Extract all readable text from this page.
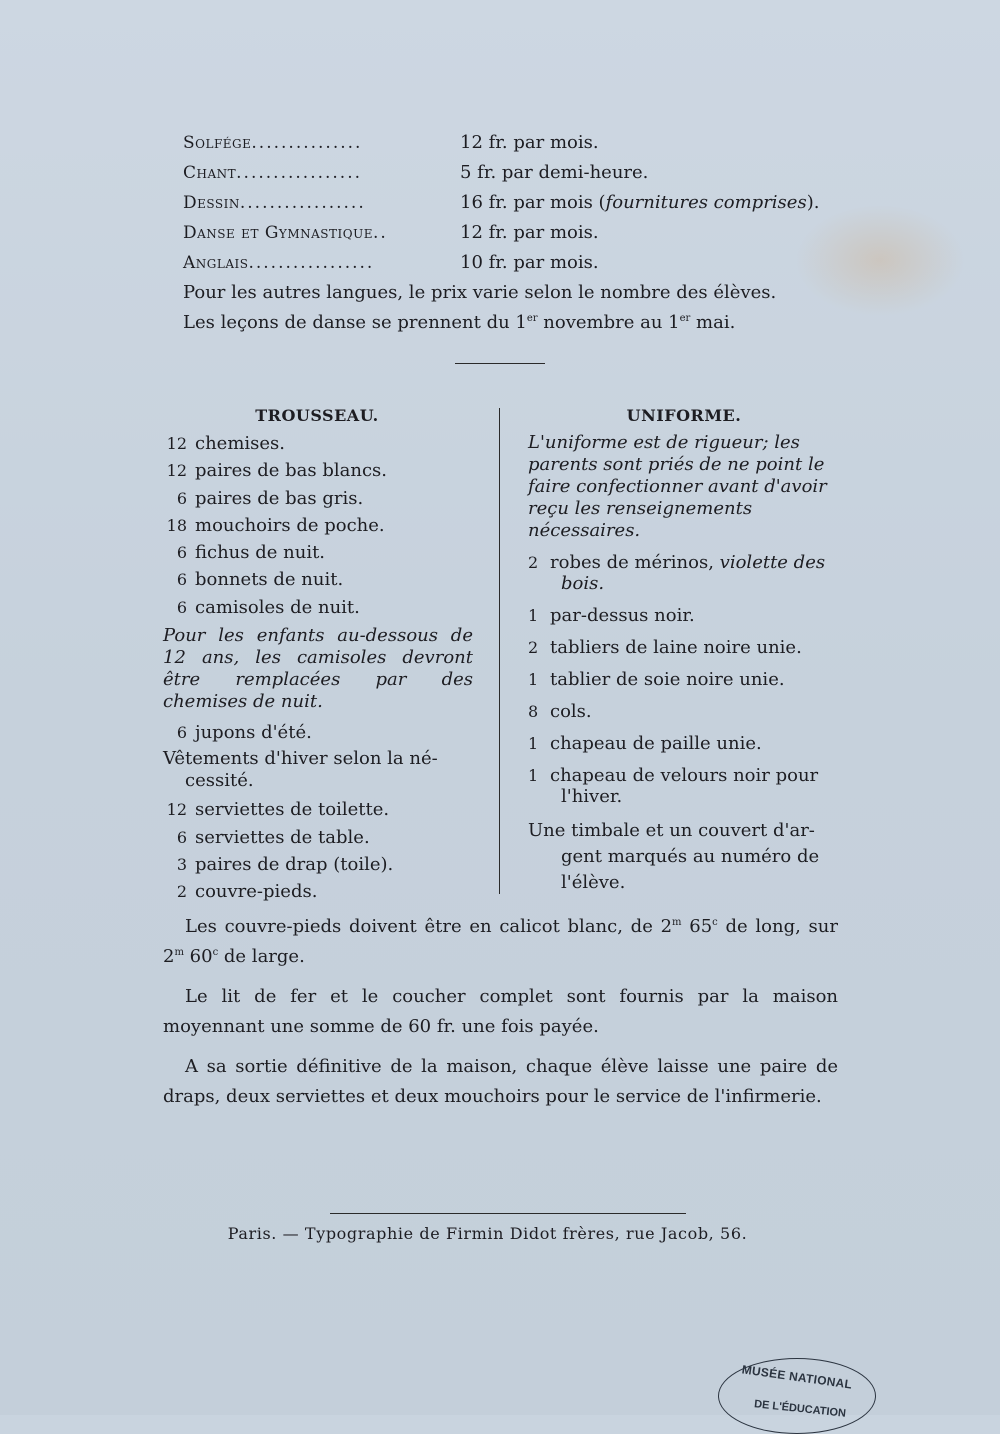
Solfége...............	12 fr. par mois.
Chant.................	5 fr. par demi-heure.
Dessin.................	16 fr. par mois (fournitures comprises).
Danse et Gymnastique..	12 fr. par mois.
Anglais.................	10 fr. par mois.
Pour les autres langues, le prix varie selon le nombre des élèves.
Les leçons de danse se prennent du 1er novembre au 1er mai.
TROUSSEAU.
12 chemises.
12 paires de bas blancs.
6 paires de bas gris.
18 mouchoirs de poche.
6 fichus de nuit.
6 bonnets de nuit.
6 camisoles de nuit.
Pour les enfants au-dessous de 12 ans, les camisoles devront être remplacées par des chemises de nuit.
6 jupons d'été.
Vêtements d'hiver selon la né-
cessité.
12 serviettes de toilette.
6 serviettes de table.
3 paires de drap (toile).
2 couvre-pieds.
UNIFORME.
L'uniforme est de rigueur; les parents sont priés de ne point le faire confectionner avant d'avoir reçu les renseignements nécessaires.
2 robes de mérinos, violette des
bois.
1 par-dessus noir.
2 tabliers de laine noire unie.
1 tablier de soie noire unie.
8 cols.
1 chapeau de paille unie.
1 chapeau de velours noir pour
l'hiver.
Une timbale et un couvert d'ar-
gent marqués au numéro de
l'élève.
Les couvre-pieds doivent être en calicot blanc, de 2$^m$ 65$^c$ de long, sur 2$^m$ 60$^c$ de large.
Le lit de fer et le coucher complet sont fournis par la maison moyennant une somme de 60 fr. une fois payée.
A sa sortie définitive de la maison, chaque élève laisse une paire de draps, deux serviettes et deux mouchoirs pour le service de l'infirmerie.
Paris. — Typographie de Firmin Didot frères, rue Jacob, 56.
MUSÉE NATIONAL
DE L'ÉDUCATION
